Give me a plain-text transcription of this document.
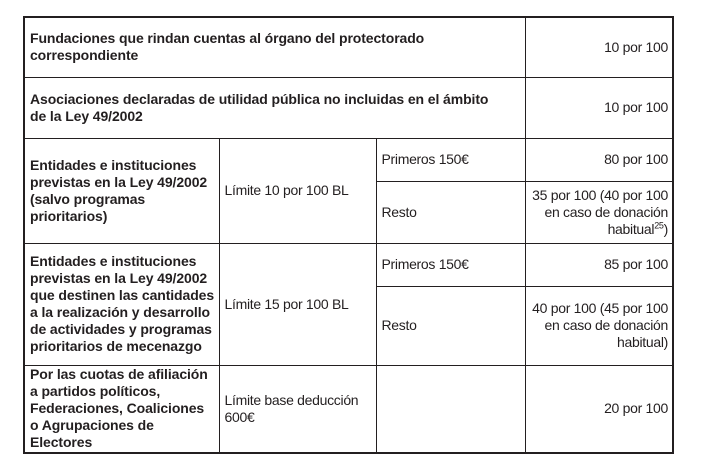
Fundaciones que rindan cuentas al órgano del protectorado correspondiente			10 por 100
Asociaciones declaradas de utilidad pública no incluidas en el ámbito de la Ley 49/2002			10 por 100
Entidades e instituciones previstas en la Ley 49/2002 (salvo programas prioritarios)	Límite 10 por 100 BL	Primeros 150€	80 por 100
		Resto	35 por 100 (40 por 100 en caso de donación habitual$^{25}$)
Entidades e instituciones previstas en la Ley 49/2002 que destinen las cantidades a la realización y desarrollo de actividades y programas prioritarios de mecenazgo	Límite 15 por 100 BL	Primeros 150€	85 por 100
		Resto	40 por 100 (45 por 100 en caso de donación habitual)
Por las cuotas de afiliación a partidos políticos, Federaciones, Coaliciones o Agrupaciones de Electores	Límite base deducción 600€		20 por 100
